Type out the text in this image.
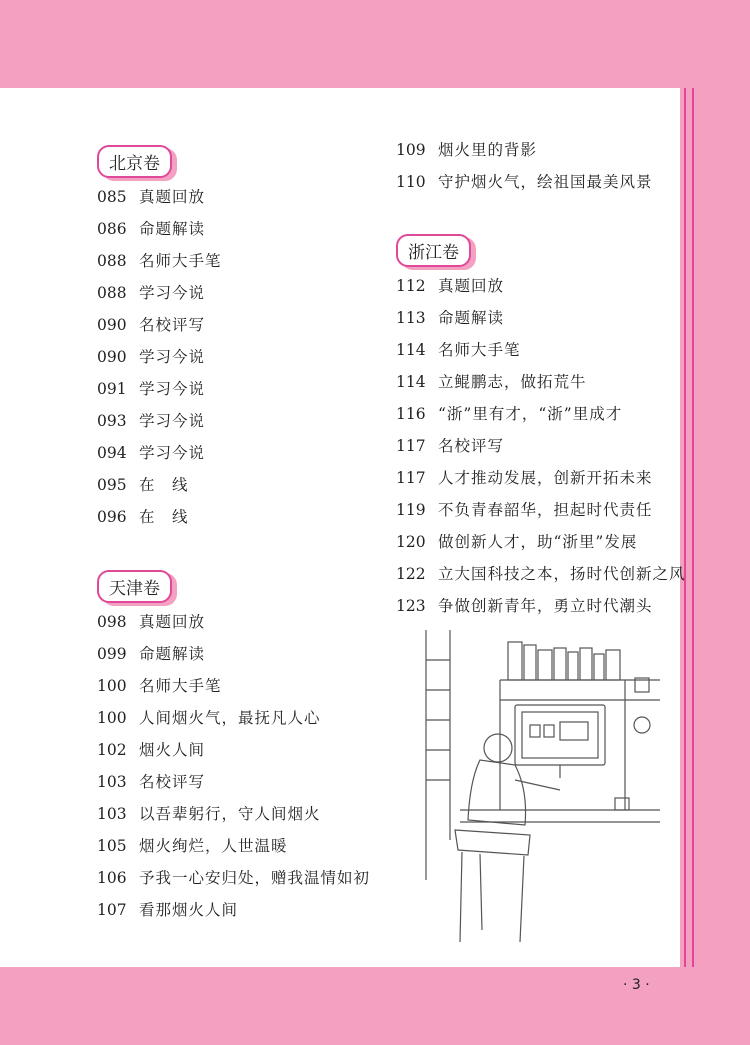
北京卷
085 真题回放
086 命题解读
088 名师大手笔
088 学习今说
090 名校评写
090 学习今说
091 学习今说
093 学习今说
094 学习今说
095 在　线
096 在　线
天津卷
098 真题回放
099 命题解读
100 名师大手笔
100 人间烟火气，最抚凡人心
102 烟火人间
103 名校评写
103 以吾辈躬行，守人间烟火
105 烟火绚烂，人世温暖
106 予我一心安归处，赠我温情如初
107 看那烟火人间
109 烟火里的背影
110 守护烟火气，绘祖国最美风景
浙江卷
112 真题回放
113 命题解读
114 名师大手笔
114 立鲲鹏志，做拓荒牛
116 “浙”里有才，“浙”里成才
117 名校评写
117 人才推动发展，创新开拓未来
119 不负青春韶华，担起时代责任
120 做创新人才，助“浙里”发展
122 立大国科技之本，扬时代创新之风
123 争做创新青年，勇立时代潮头
· 3 ·
